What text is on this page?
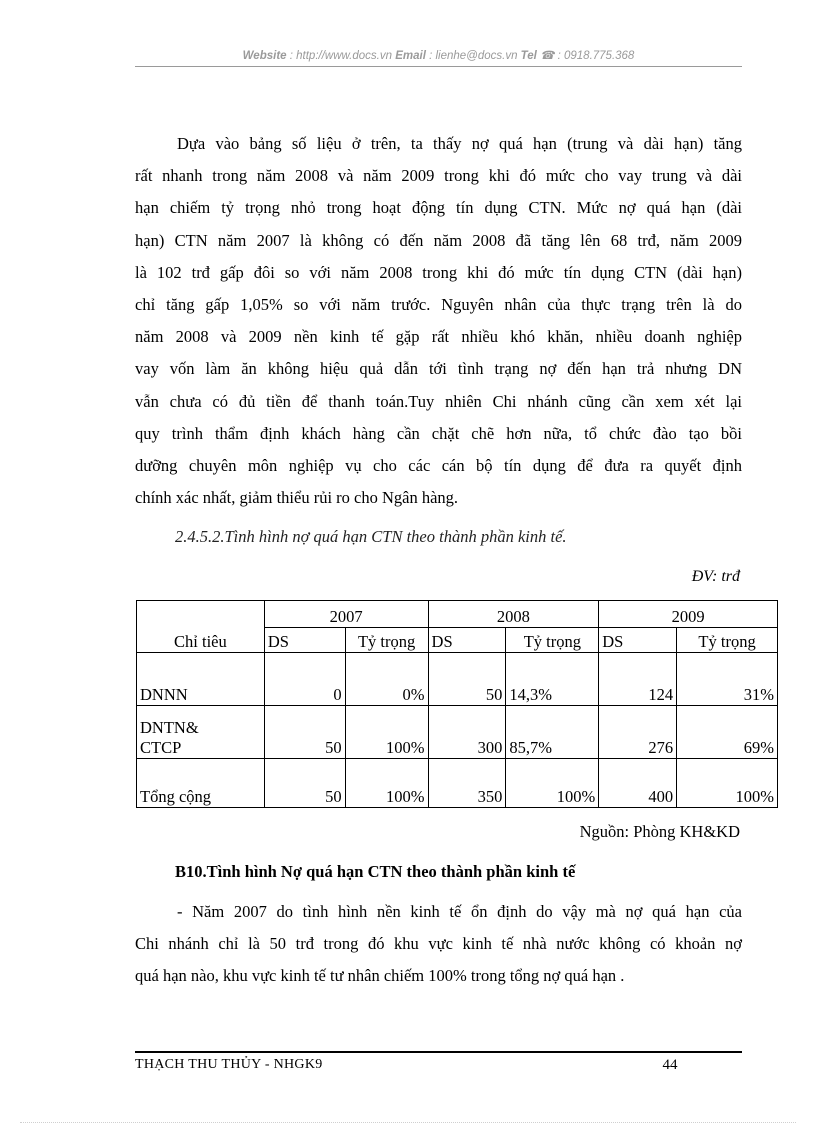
Website : http://www.docs.vn Email : lienhe@docs.vn Tel ☎ : 0918.775.368

Dựa vào bảng số liệu ở trên, ta thấy nợ quá hạn (trung và dài hạn) tăng
rất nhanh trong năm 2008 và năm 2009 trong khi đó mức cho vay trung và dài
hạn chiếm tỷ trọng nhỏ trong hoạt động tín dụng CTN. Mức nợ quá hạn (dài
hạn) CTN năm 2007 là không có đến năm 2008 đã tăng lên 68 trđ, năm 2009
là 102 trđ gấp đôi so với năm 2008 trong khi đó mức tín dụng CTN (dài hạn)
chỉ tăng gấp 1,05% so với năm trước. Nguyên nhân của thực trạng trên là do
năm 2008 và 2009 nền kinh tế gặp rất nhiều khó khăn, nhiều doanh nghiệp
vay vốn làm ăn không hiệu quả dẫn tới tình trạng nợ đến hạn trả nhưng DN
vẫn chưa có đủ tiền để thanh toán.Tuy nhiên Chi nhánh cũng cần xem xét lại
quy trình thẩm định khách hàng cần chặt chẽ hơn nữa, tổ chức đào tạo bồi
dưỡng chuyên môn nghiệp vụ cho các cán bộ tín dụng để đưa ra quyết định
chính xác nhất, giảm thiểu rủi ro cho Ngân hàng.

2.4.5.2.Tình hình nợ quá hạn CTN theo thành phần kinh tế.
ĐV: trđ
Chỉ tiêu	2007		2008		2009	
	DS	Tỷ trọng	DS	Tỷ trọng	DS	Tỷ trọng
DNNN	0	0%	50	14,3%	124	31%
DNTN&
CTCP	50	100%	300	85,7%	276	69%
Tổng cộng	50	100%	350	100%	400	100%
Nguồn: Phòng KH&KD
B10.Tình hình Nợ quá hạn CTN theo thành phần kinh tế

- Năm 2007 do tình hình nền kinh tế ổn định do vậy mà nợ quá hạn của
Chi nhánh chỉ là 50 trđ trong đó khu vực kinh tế nhà nước không có khoản nợ
quá hạn nào, khu vực kinh tế tư nhân chiếm 100% trong tổng nợ quá hạn .

THẠCH THU THỦY - NHGK9	44
